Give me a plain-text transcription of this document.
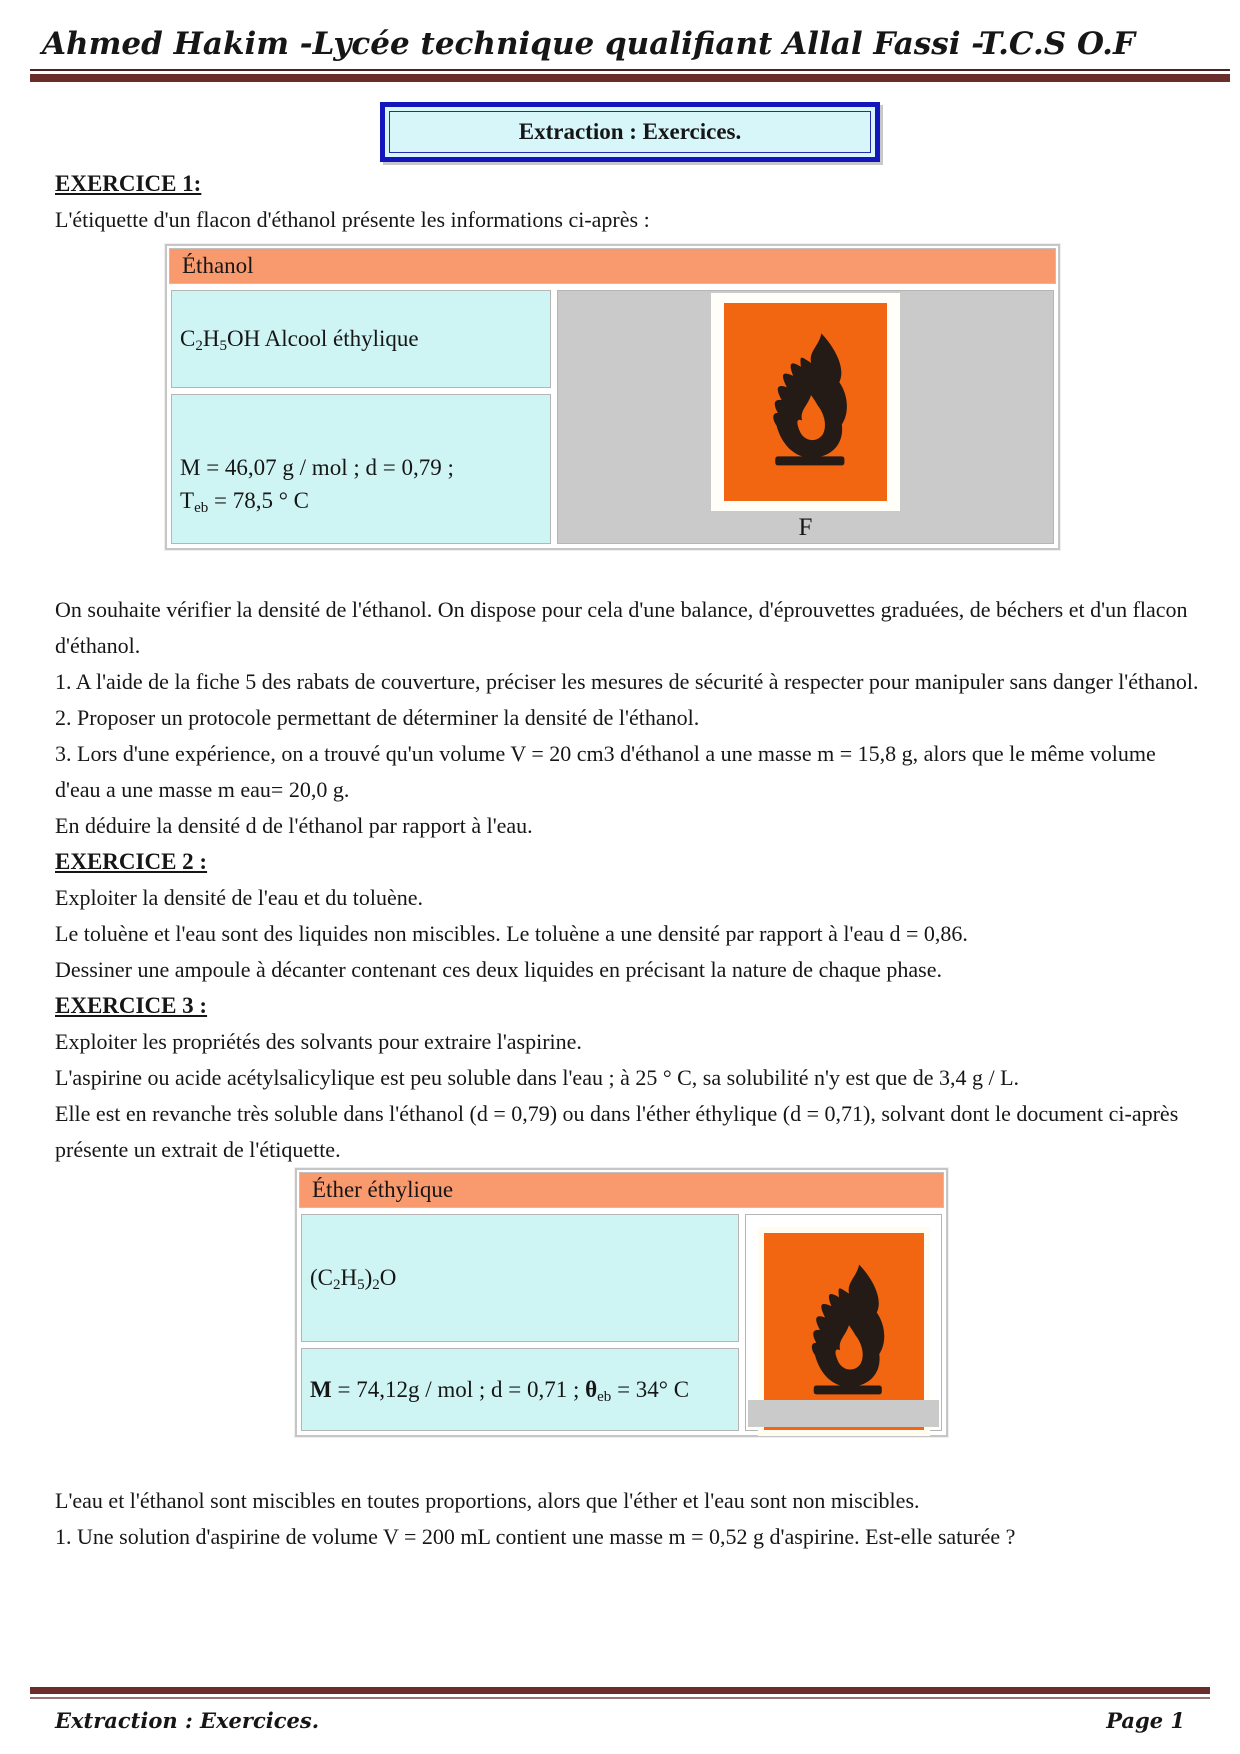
Ahmed Hakim -Lycée technique qualifiant Allal Fassi -T.C.S O.F
Extraction : Exercices.
EXERCICE 1:
L'étiquette d'un flacon d'éthanol présente les informations ci-après :
Éthanol
$C_2H_5OH$ Alcool éthylique
M = 46,07 g / mol ; d = 0,79 ;
$T_{eb} = 78,5$ ° C
F

On souhaite vérifier la densité de l'éthanol. On dispose pour cela d'une balance, d'éprouvettes graduées, de béchers et d'un flacon d'éthanol.

1. A l'aide de la fiche 5 des rabats de couverture, préciser les mesures de sécurité à respecter pour manipuler sans danger l'éthanol.

2. Proposer un protocole permettant de déterminer la densité de l'éthanol.

3. Lors d'une expérience, on a trouvé qu'un volume V = 20 cm3 d'éthanol a une masse m = 15,8 g, alors que le même volume d'eau a une masse m eau= 20,0 g.

En déduire la densité d de l'éthanol par rapport à l'eau.

EXERCICE 2 :

Exploiter la densité de l'eau et du toluène.

Le toluène et l'eau sont des liquides non miscibles. Le toluène a une densité par rapport à l'eau d = 0,86.

Dessiner une ampoule à décanter contenant ces deux liquides en précisant la nature de chaque phase.

EXERCICE 3 :

Exploiter les propriétés des solvants pour extraire l'aspirine.

L'aspirine ou acide acétylsalicylique est peu soluble dans l'eau ; à 25 ° C, sa solubilité n'y est que de 3,4 g / L.

Elle est en revanche très soluble dans l'éthanol (d = 0,79) ou dans l'éther éthylique (d = 0,71), solvant dont le document ci-après présente un extrait de l'étiquette.

Éther éthylique
$(C_2H_5)_2O$
M = 74,12g / mol ; d = 0,71 ; $\theta_{eb} = 34^\circ$ C

L'eau et l'éthanol sont miscibles en toutes proportions, alors que l'éther et l'eau sont non miscibles.

1. Une solution d'aspirine de volume V = 200 mL contient une masse m = 0,52 g d'aspirine. Est-elle saturée ?

Extraction : Exercices.	Page 1
